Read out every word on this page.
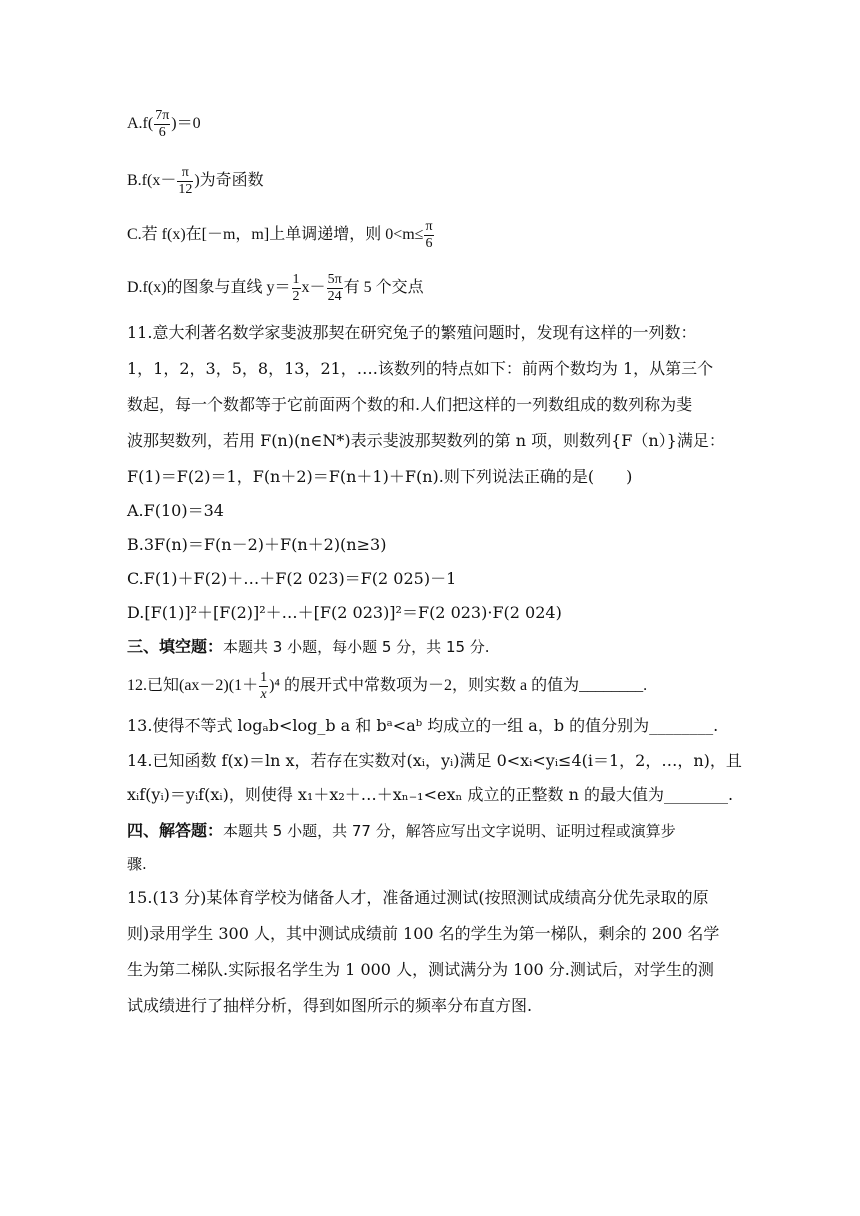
$A.f( \frac{7\pi}{6} )=0$
$B.f(x- \frac{\pi}{12}$ )为奇函数
C.若 f(x)在[－m，m]上单调递增，则 $0<m\le \frac{\pi}{6}$
D.f(x)的图象与直线 $y= \frac{1}{2} x- \frac{5\pi}{24}$ 有 5 个交点
11.意大利著名数学家斐波那契在研究兔子的繁殖问题时，发现有这样的一列数：
1，1，2，3，5，8，13，21，….该数列的特点如下：前两个数均为 1，从第三个
数起，每一个数都等于它前面两个数的和.人们把这样的一列数组成的数列称为斐
波那契数列，若用 F(n)(n∈N*)表示斐波那契数列的第 n 项，则数列{F（n）}满足：
F(1)＝F(2)＝1，F(n＋2)＝F(n＋1)＋F(n).则下列说法正确的是(　　)
A.F(10)＝34
B.3F(n)＝F(n－2)＋F(n＋2)(n≥3)
C.F(1)＋F(2)＋…＋F(2 023)＝F(2 025)－1
D.[F(1)]²＋[F(2)]²＋…＋[F(2 023)]²＝F(2 023)·F(2 024)
三、填空题：本题共 3 小题，每小题 5 分，共 15 分.
12.已知$(ax-2)(1+ \frac{1}{x} )^4$ 的展开式中常数项为－2，则实数 a 的值为________.
13.使得不等式 logₐb<log_b a 和 bᵃ<aᵇ 均成立的一组 a，b 的值分别为________.
14.已知函数 f(x)＝ln x，若存在实数对(xᵢ，yᵢ)满足 0<xᵢ<yᵢ≤4(i＝1，2，…，n)，且
xᵢf(yᵢ)＝yᵢf(xᵢ)，则使得 x₁＋x₂＋…＋xₙ₋₁<exₙ 成立的正整数 n 的最大值为________.
四、解答题：本题共 5 小题，共 77 分，解答应写出文字说明、证明过程或演算步
骤.
15.(13 分)某体育学校为储备人才，准备通过测试(按照测试成绩高分优先录取的原
则)录用学生 300 人，其中测试成绩前 100 名的学生为第一梯队，剩余的 200 名学
生为第二梯队.实际报名学生为 1 000 人，测试满分为 100 分.测试后，对学生的测
试成绩进行了抽样分析，得到如图所示的频率分布直方图.
